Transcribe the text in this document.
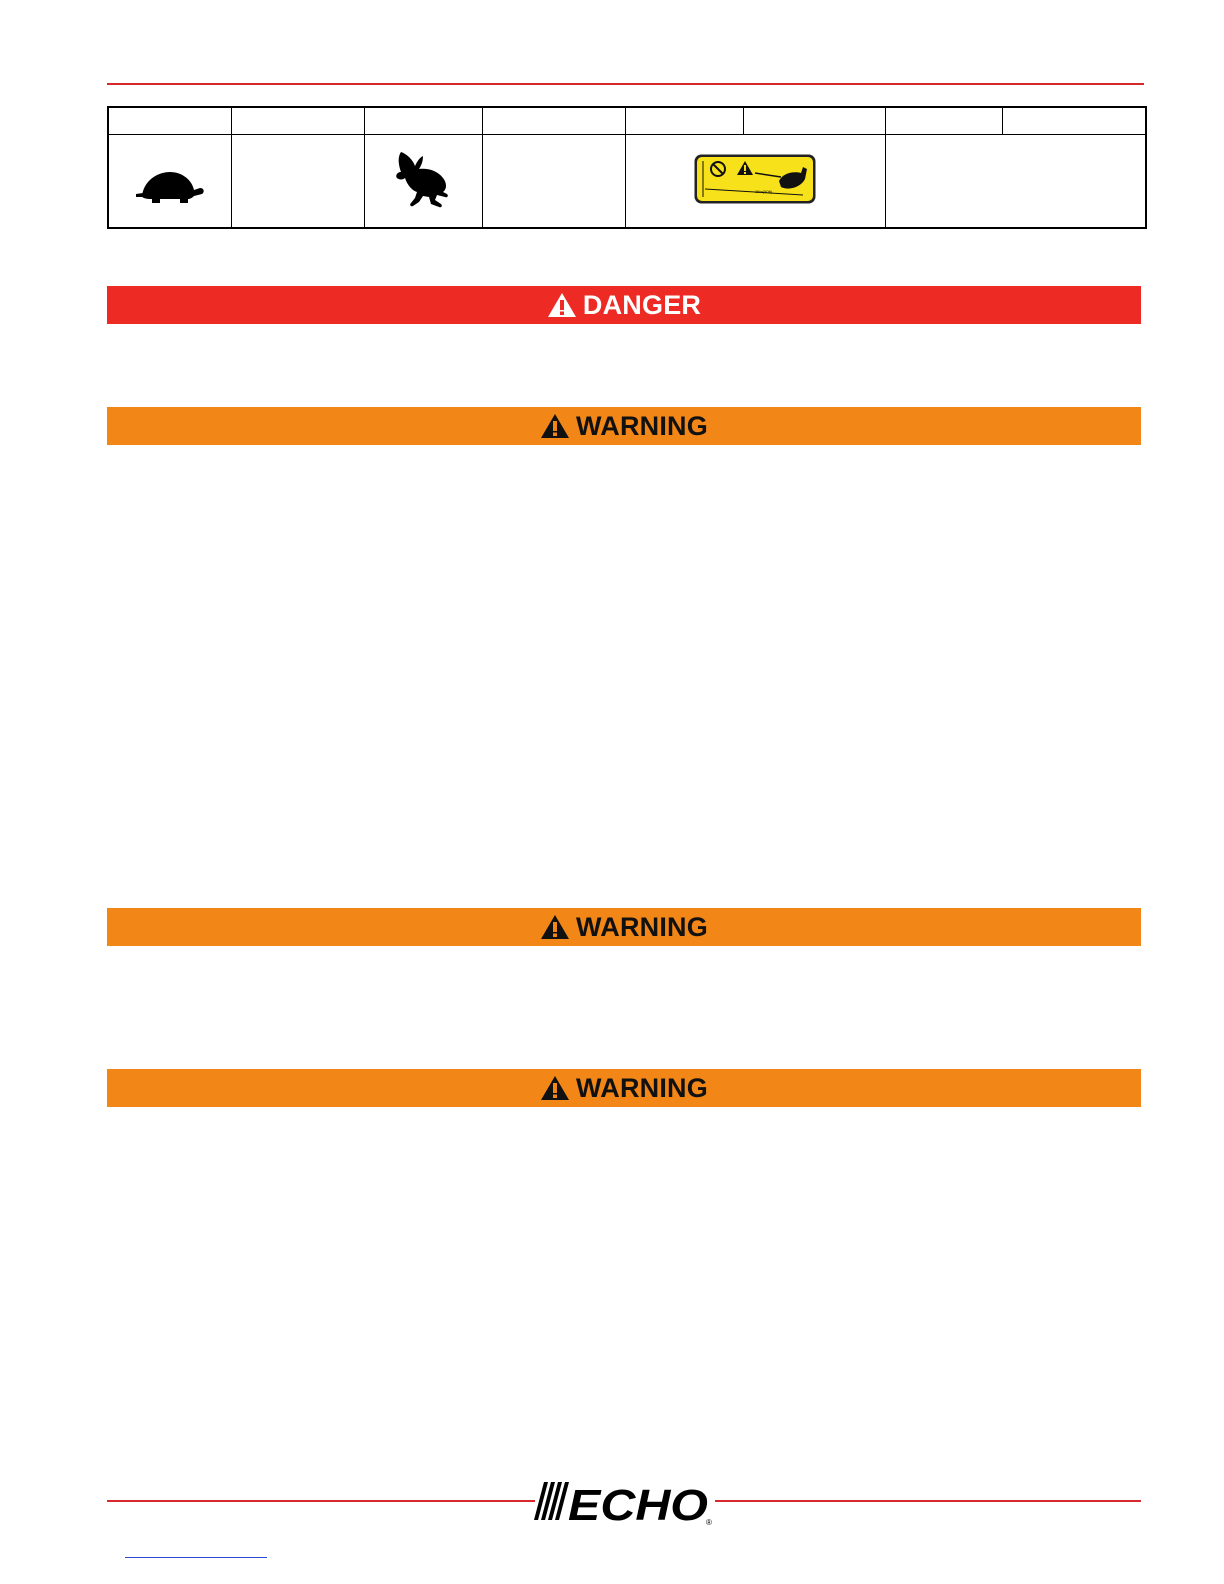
15m(50ft)			

DANGER
WARNING
WARNING
WARNING
ECHO
®
